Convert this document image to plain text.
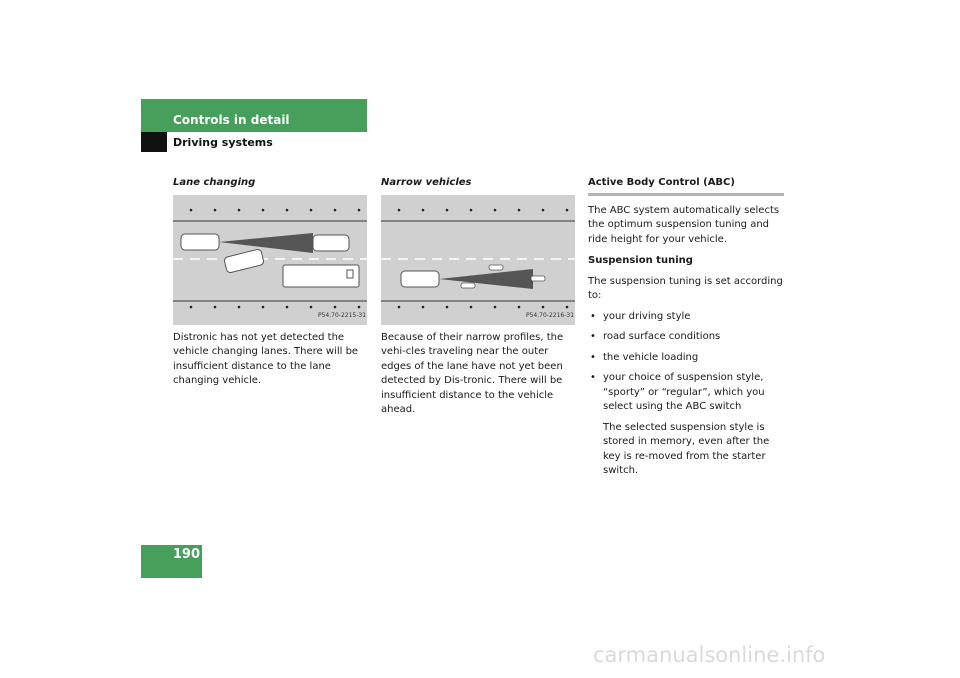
Controls in detail
Driving systems
Lane changing
P54.70-2215-31

Distronic has not yet detected the vehicle changing lanes. There will be insufficient distance to the lane changing vehicle.

Narrow vehicles
P54.70-2216-31

Because of their narrow profiles, the vehi-cles traveling near the outer edges of the lane have not yet been detected by Dis-tronic. There will be insufficient distance to the vehicle ahead.

Active Body Control (ABC)

The ABC system automatically selects the optimum suspension tuning and ride height for your vehicle.

Suspension tuning

The suspension tuning is set according to:

• your driving style
• road surface conditions
• the vehicle loading
• your choice of suspension style, “sporty” or “regular”, which you select using the ABC switch

The selected suspension style is stored in memory, even after the key is re-moved from the starter switch.

190
carmanualsonline.info
